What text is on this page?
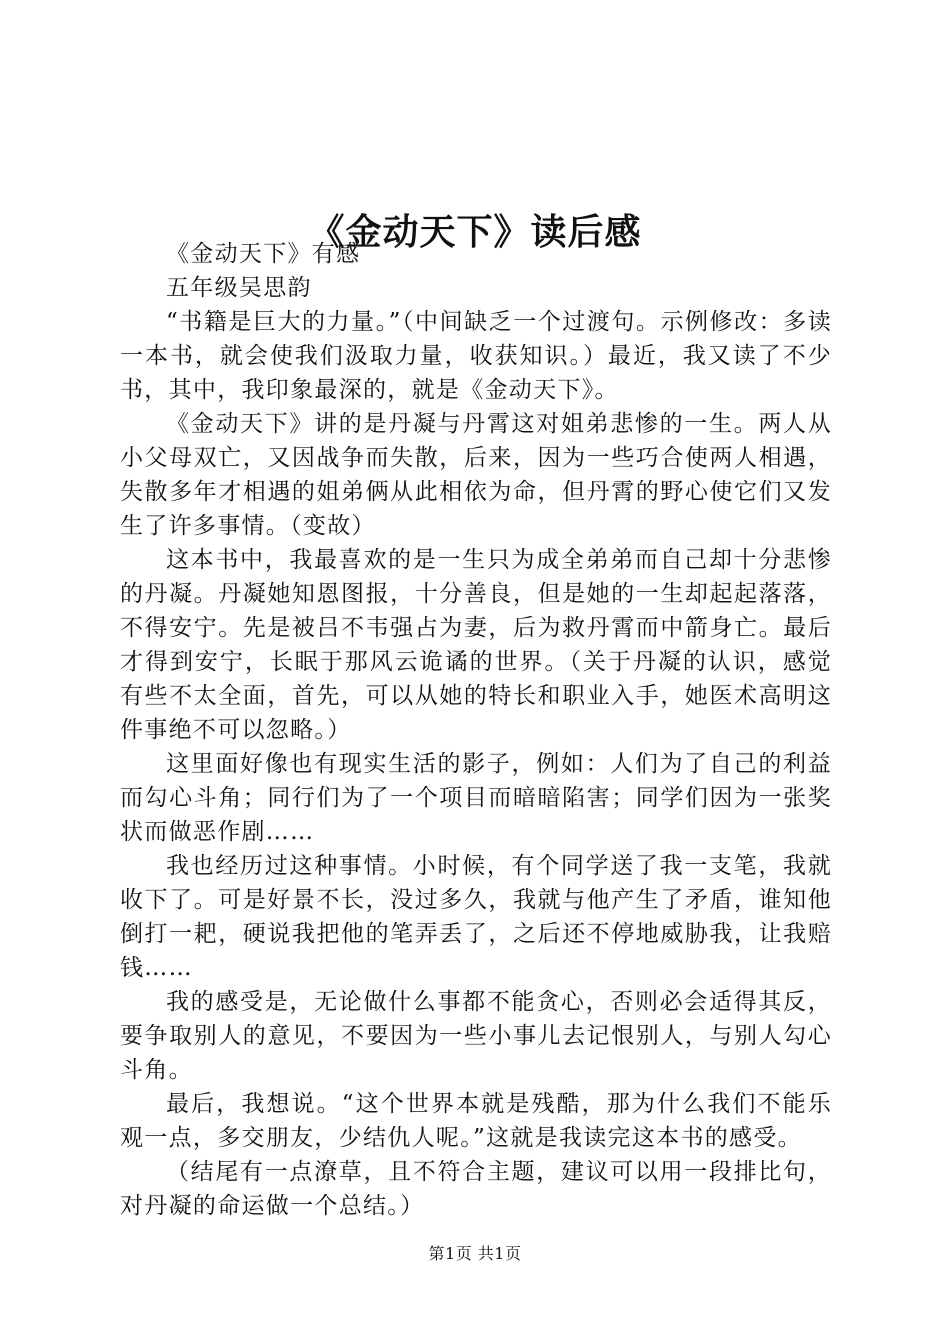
《金动天下》读后感

《金动天下》有感

五年级吴思韵

“书籍是巨大的力量。”（中间缺乏一个过渡句。示例修改：多读一本书，就会使我们汲取力量，收获知识。）最近，我又读了不少书，其中，我印象最深的，就是《金动天下》。

《金动天下》讲的是丹凝与丹霄这对姐弟悲惨的一生。两人从小父母双亡，又因战争而失散，后来，因为一些巧合使两人相遇，失散多年才相遇的姐弟俩从此相依为命，但丹霄的野心使它们又发生了许多事情。（变故）

这本书中，我最喜欢的是一生只为成全弟弟而自己却十分悲惨的丹凝。丹凝她知恩图报，十分善良，但是她的一生却起起落落，不得安宁。先是被吕不韦强占为妻，后为救丹霄而中箭身亡。最后才得到安宁，长眠于那风云诡谲的世界。（关于丹凝的认识，感觉有些不太全面，首先，可以从她的特长和职业入手，她医术高明这件事绝不可以忽略。）

这里面好像也有现实生活的影子，例如：人们为了自己的利益而勾心斗角；同行们为了一个项目而暗暗陷害；同学们因为一张奖状而做恶作剧……

我也经历过这种事情。小时候，有个同学送了我一支笔，我就收下了。可是好景不长，没过多久，我就与他产生了矛盾，谁知他倒打一耙，硬说我把他的笔弄丢了，之后还不停地威胁我，让我赔钱……

我的感受是，无论做什么事都不能贪心，否则必会适得其反，要争取别人的意见，不要因为一些小事儿去记恨别人，与别人勾心斗角。

最后，我想说。“这个世界本就是残酷，那为什么我们不能乐观一点，多交朋友，少结仇人呢。”这就是我读完这本书的感受。

（结尾有一点潦草，且不符合主题，建议可以用一段排比句，对丹凝的命运做一个总结。）

第1页 共1页
